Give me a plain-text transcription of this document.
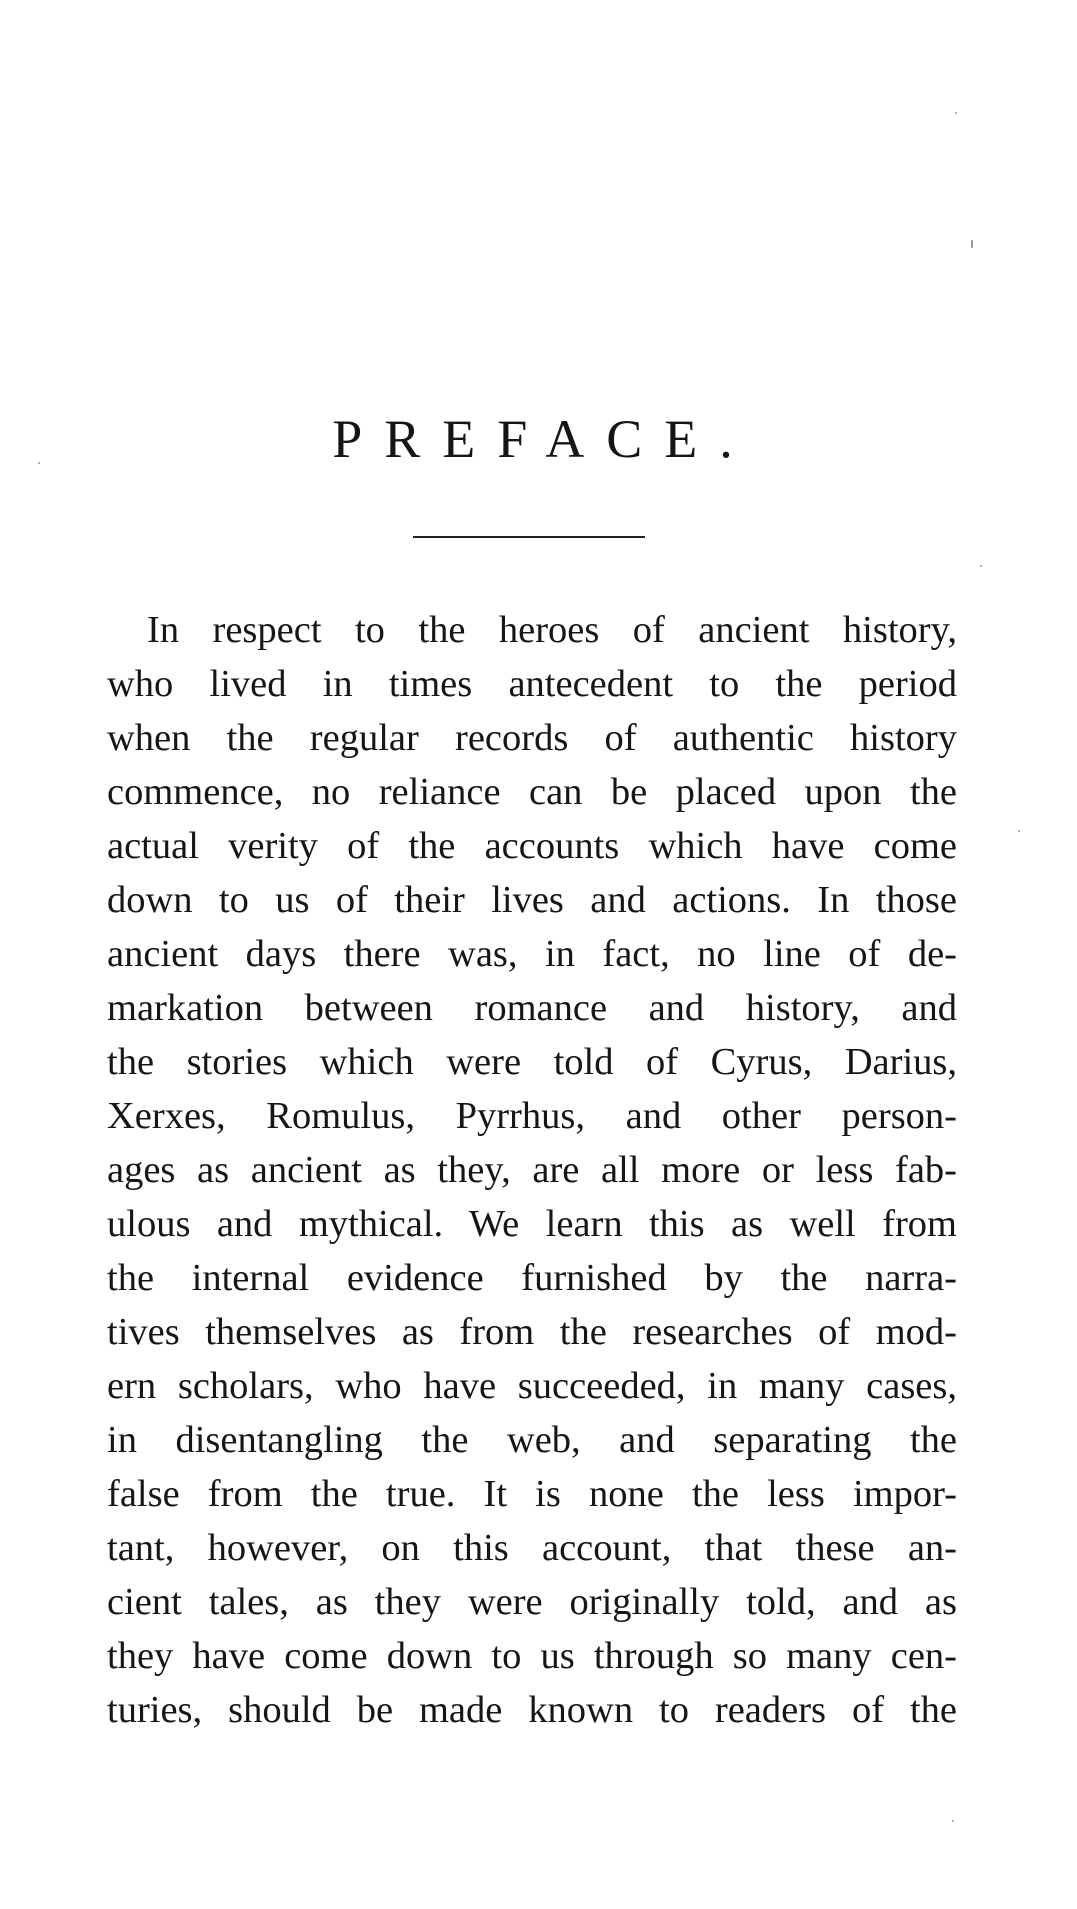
PREFACE.
In respect to the heroes of ancient history,
who lived in times antecedent to the period
when the regular records of authentic history
commence, no reliance can be placed upon the
actual verity of the accounts which have come
down to us of their lives and actions. In those
ancient days there was, in fact, no line of de-
markation between romance and history, and
the stories which were told of Cyrus, Darius,
Xerxes, Romulus, Pyrrhus, and other person-
ages as ancient as they, are all more or less fab-
ulous and mythical. We learn this as well from
the internal evidence furnished by the narra-
tives themselves as from the researches of mod-
ern scholars, who have succeeded, in many cases,
in disentangling the web, and separating the
false from the true. It is none the less impor-
tant, however, on this account, that these an-
cient tales, as they were originally told, and as
they have come down to us through so many cen-
turies, should be made known to readers of the
